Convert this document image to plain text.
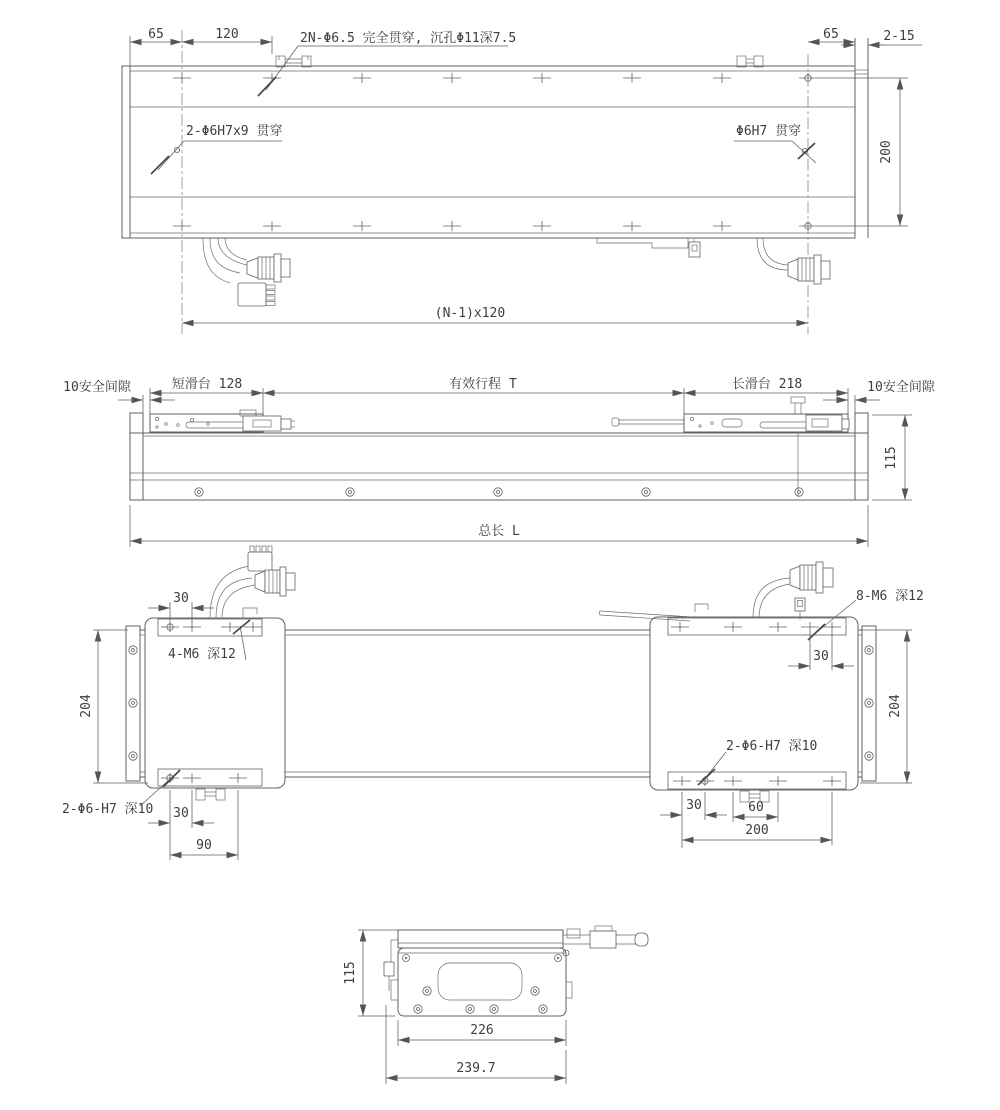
65	120	2N-Φ6.5 完全贯穿, 沉孔Φ11深7.5	65	2-15
2-Φ6H7x9 贯穿	Φ6H7 贯穿
200
(N-1)x120
10安全间隙	短滑台 128	有效行程 T	长滑台 218	10安全间隙
115
总长 L
204	204
30
4-M6 深12
8-M6 深12
30
2-Φ6-H7 深10 30
90
2-Φ6-H7 深10
30	60
200
115
226
239.7
